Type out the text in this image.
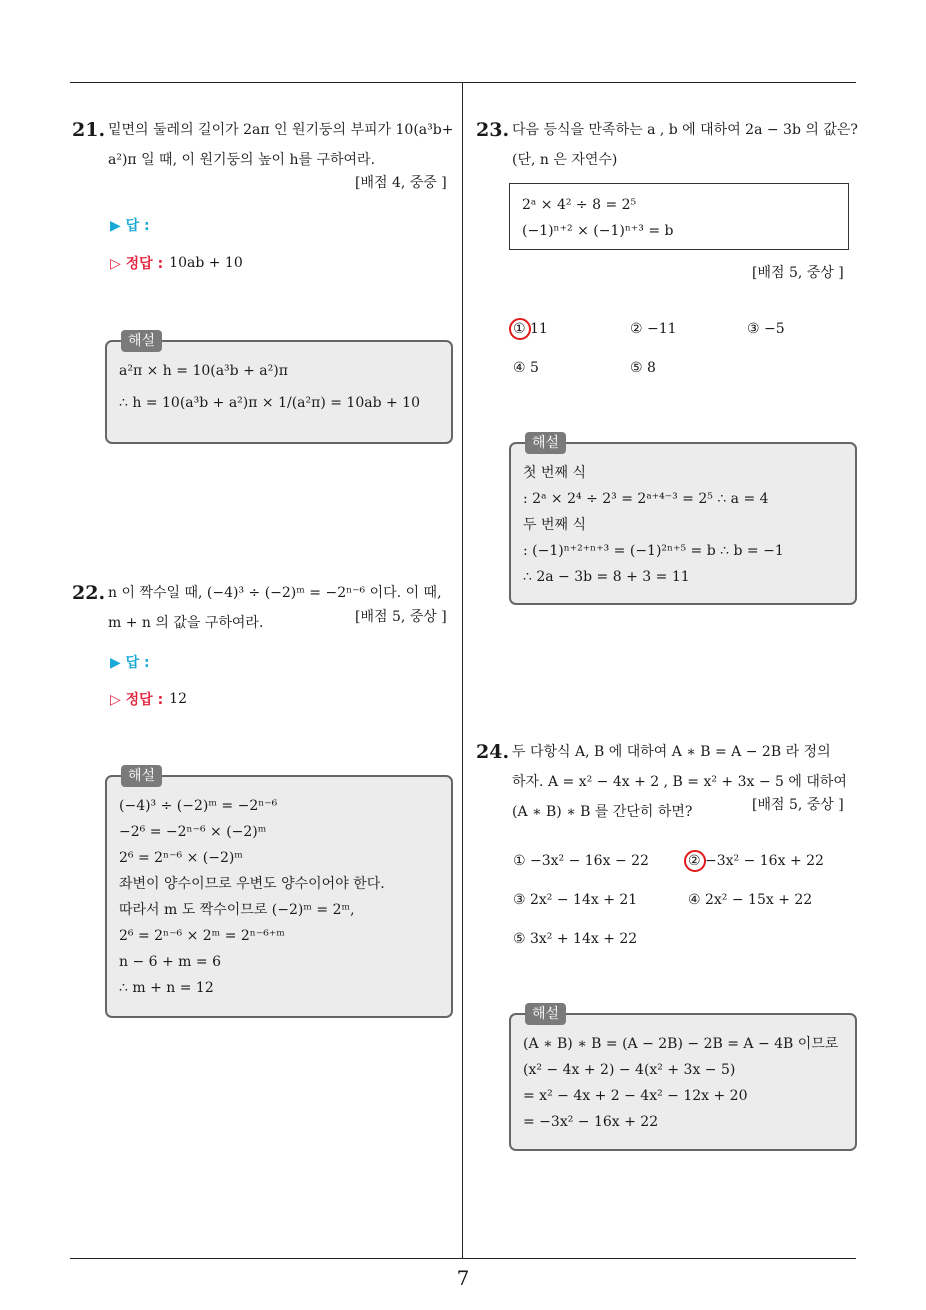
7
21. 밑면의 둘레의 길이가 2aπ 인 원기둥의 부피가 10(a³b+
a²)π 일 때, 이 원기둥의 높이 h를 구하여라.
[배점 4, 중중 ]
▶ 답 :
▷ 정답 : 10ab + 10
해설
a²π × h = 10(a³b + a²)π
∴ h = 10(a³b + a²)π × 1/(a²π) = 10ab + 10
22. n 이 짝수일 때, (−4)³ ÷ (−2)ᵐ = −2ⁿ⁻⁶ 이다. 이 때,
m + n 의 값을 구하여라.	[배점 5, 중상 ]
▶ 답 :
▷ 정답 : 12
해설
(−4)³ ÷ (−2)ᵐ = −2ⁿ⁻⁶
−2⁶ = −2ⁿ⁻⁶ × (−2)ᵐ
2⁶ = 2ⁿ⁻⁶ × (−2)ᵐ
좌변이 양수이므로 우변도 양수이어야 한다.
따라서 m 도 짝수이므로 (−2)ᵐ = 2ᵐ,
2⁶ = 2ⁿ⁻⁶ × 2ᵐ = 2ⁿ⁻⁶⁺ᵐ
n − 6 + m = 6
∴ m + n = 12
23. 다음 등식을 만족하는 a , b 에 대하여 2a − 3b 의 값은?
(단, n 은 자연수)
2ᵃ × 4² ÷ 8 = 2⁵
(−1)ⁿ⁺² × (−1)ⁿ⁺³ = b
[배점 5, 중상 ]
① 11	② −11	③ −5
④ 5	⑤ 8
해설
첫 번째 식
: 2ᵃ × 2⁴ ÷ 2³ = 2ᵃ⁺⁴⁻³ = 2⁵ ∴ a = 4
두 번째 식
: (−1)ⁿ⁺²⁺ⁿ⁺³ = (−1)²ⁿ⁺⁵ = b ∴ b = −1
∴ 2a − 3b = 8 + 3 = 11
24. 두 다항식 A, B 에 대하여 A ∗ B = A − 2B 라 정의
하자. A = x² − 4x + 2 , B = x² + 3x − 5 에 대하여
(A ∗ B) ∗ B 를 간단히 하면?	[배점 5, 중상 ]
① −3x² − 16x − 22	② −3x² − 16x + 22
③ 2x² − 14x + 21	④ 2x² − 15x + 22
⑤ 3x² + 14x + 22
해설
(A ∗ B) ∗ B = (A − 2B) − 2B = A − 4B 이므로
(x² − 4x + 2) − 4(x² + 3x − 5)
= x² − 4x + 2 − 4x² − 12x + 20
= −3x² − 16x + 22
